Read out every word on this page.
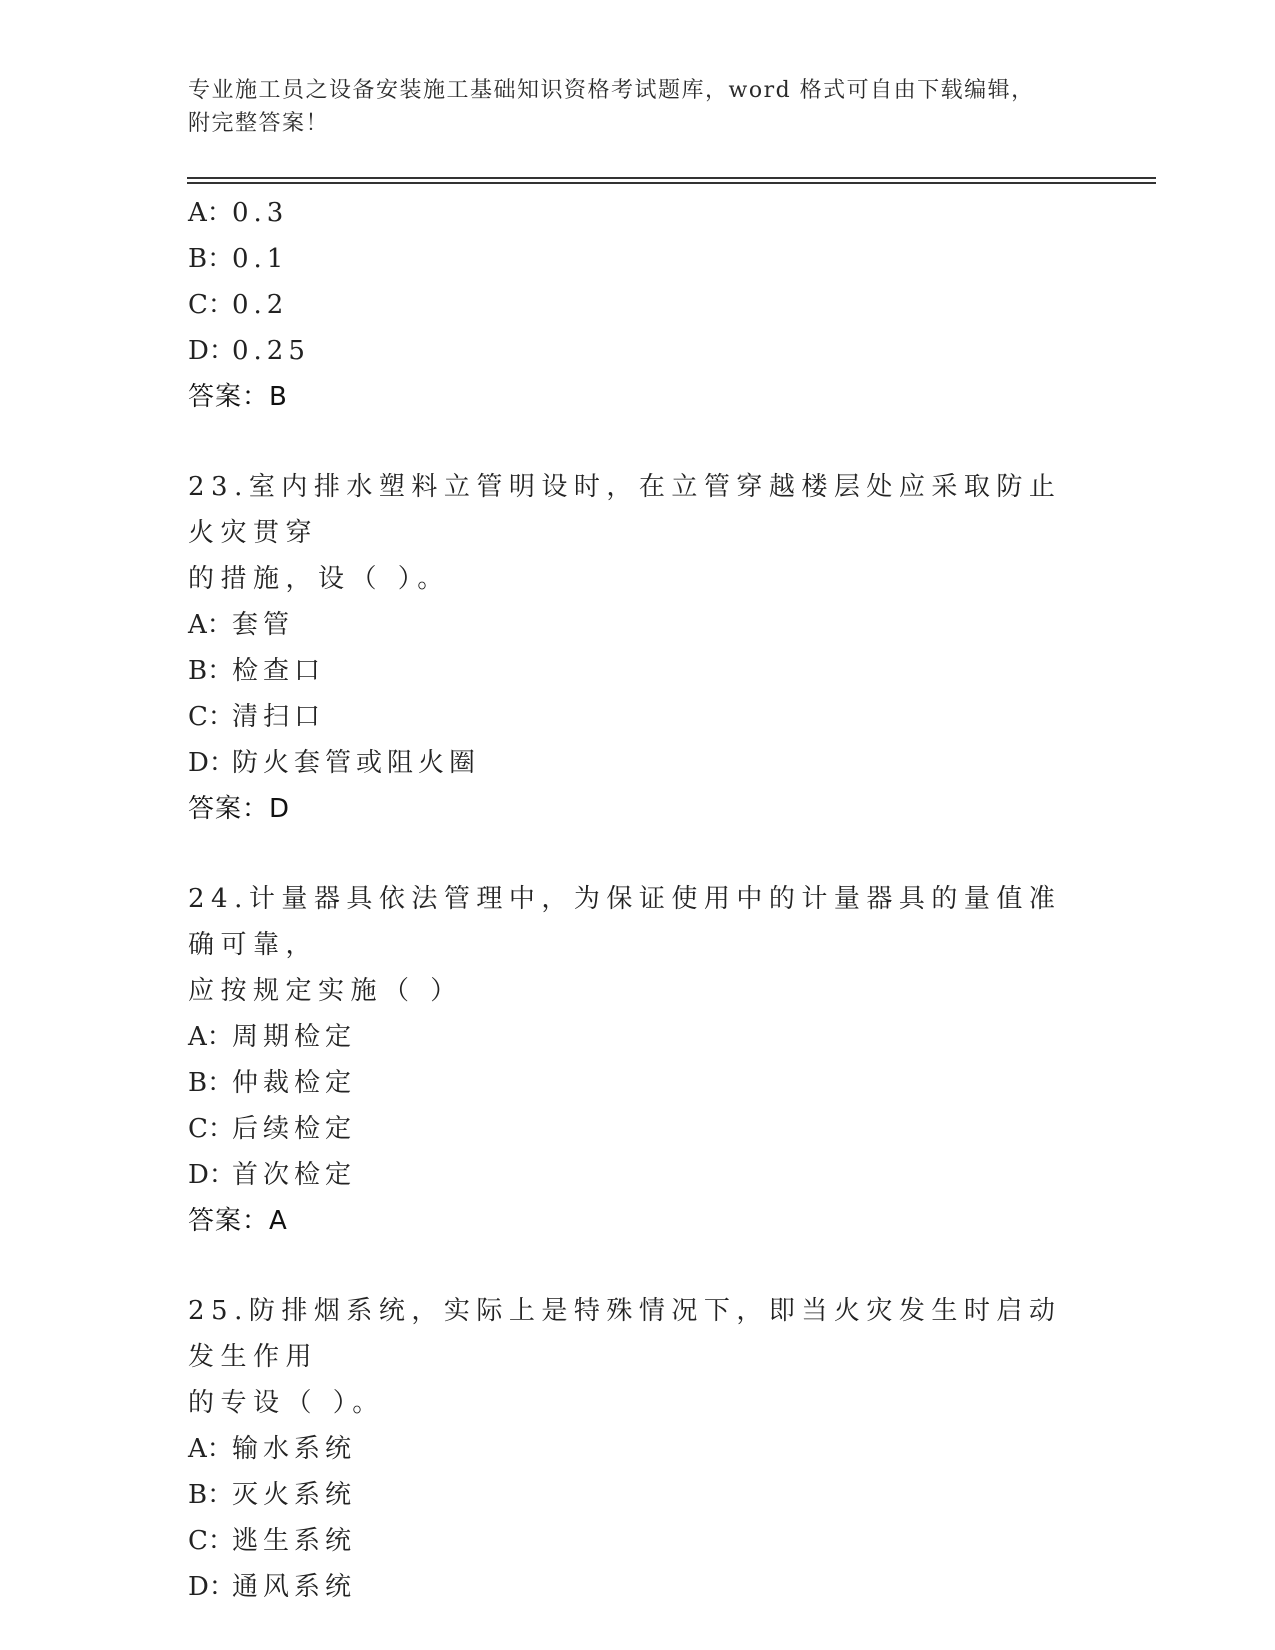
专业施工员之设备安装施工基础知识资格考试题库，word 格式可自由下载编辑，
附完整答案！
A：0.3
B：0.1
C：0.2
D：0.25
答案：B
23.室内排水塑料立管明设时，在立管穿越楼层处应采取防止火灾贯穿
的措施，设（ ）。
A：套管
B：检查口
C：清扫口
D：防火套管或阻火圈
答案：D
24.计量器具依法管理中，为保证使用中的计量器具的量值准确可靠，
应按规定实施（ ）
A：周期检定
B：仲裁检定
C：后续检定
D：首次检定
答案：A
25.防排烟系统，实际上是特殊情况下，即当火灾发生时启动发生作用
的专设（ ）。
A：输水系统
B：灭火系统
C：逃生系统
D：通风系统
